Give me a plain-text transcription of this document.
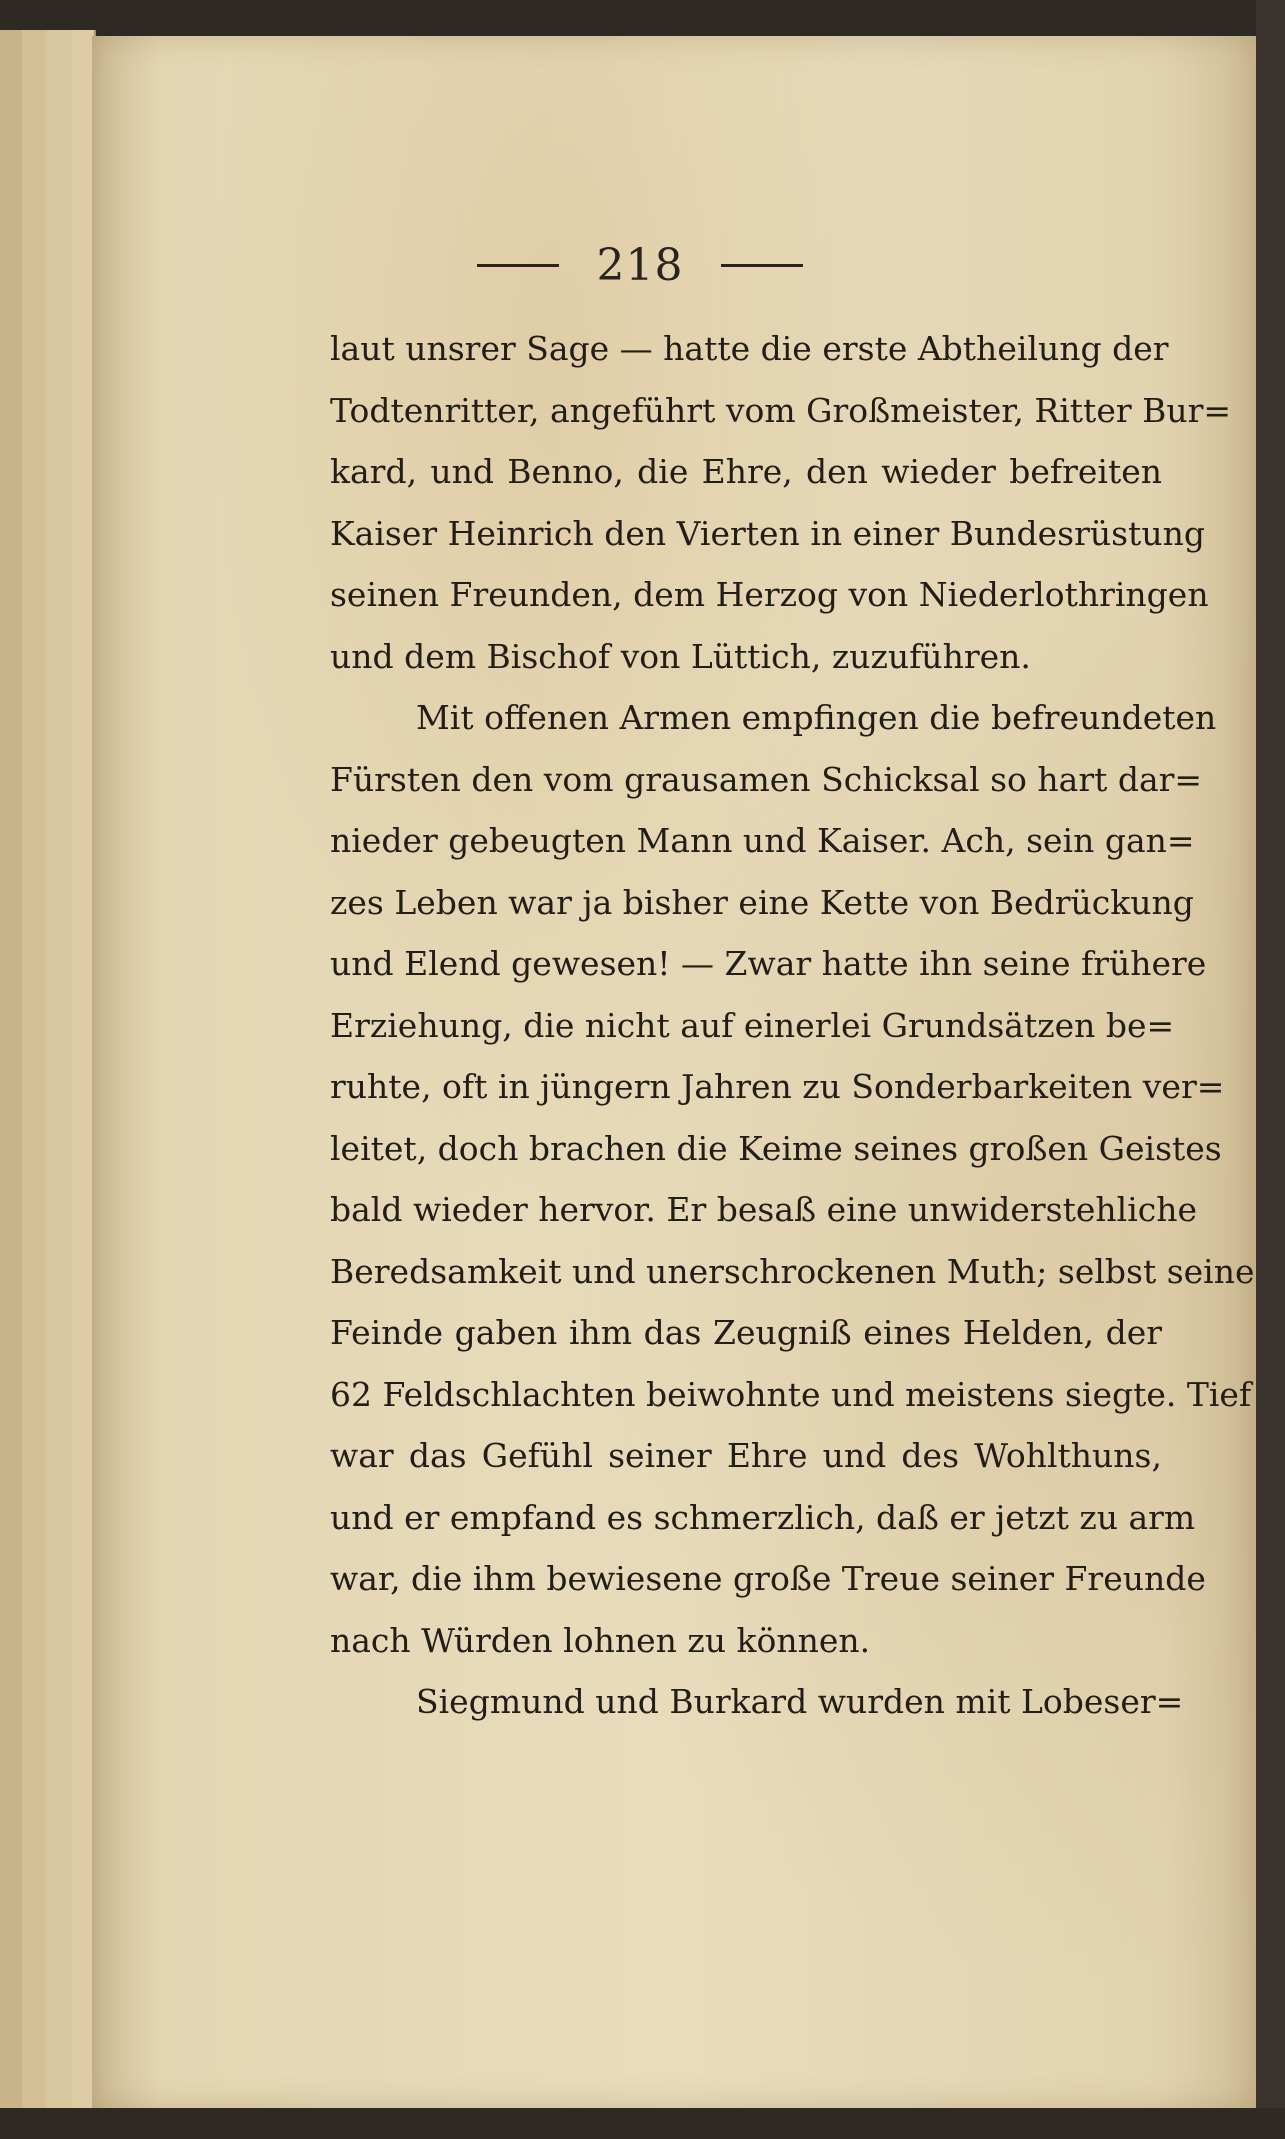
218
laut unsrer Sage — hatte die erste Abtheilung der
Todtenritter, angeführt vom Großmeister, Ritter Bur=
kard, und Benno, die Ehre, den wieder befreiten
Kaiser Heinrich den Vierten in einer Bundesrüstung
seinen Freunden, dem Herzog von Niederlothringen
und dem Bischof von Lüttich, zuzuführen.
Mit offenen Armen empfingen die befreundeten
Fürsten den vom grausamen Schicksal so hart dar=
nieder gebeugten Mann und Kaiser. Ach, sein gan=
zes Leben war ja bisher eine Kette von Bedrückung
und Elend gewesen! — Zwar hatte ihn seine frühere
Erziehung, die nicht auf einerlei Grundsätzen be=
ruhte, oft in jüngern Jahren zu Sonderbarkeiten ver=
leitet, doch brachen die Keime seines großen Geistes
bald wieder hervor. Er besaß eine unwiderstehliche
Beredsamkeit und unerschrockenen Muth; selbst seine
Feinde gaben ihm das Zeugniß eines Helden, der
62 Feldschlachten beiwohnte und meistens siegte. Tief
war das Gefühl seiner Ehre und des Wohlthuns,
und er empfand es schmerzlich, daß er jetzt zu arm
war, die ihm bewiesene große Treue seiner Freunde
nach Würden lohnen zu können.
Siegmund und Burkard wurden mit Lobeser=
